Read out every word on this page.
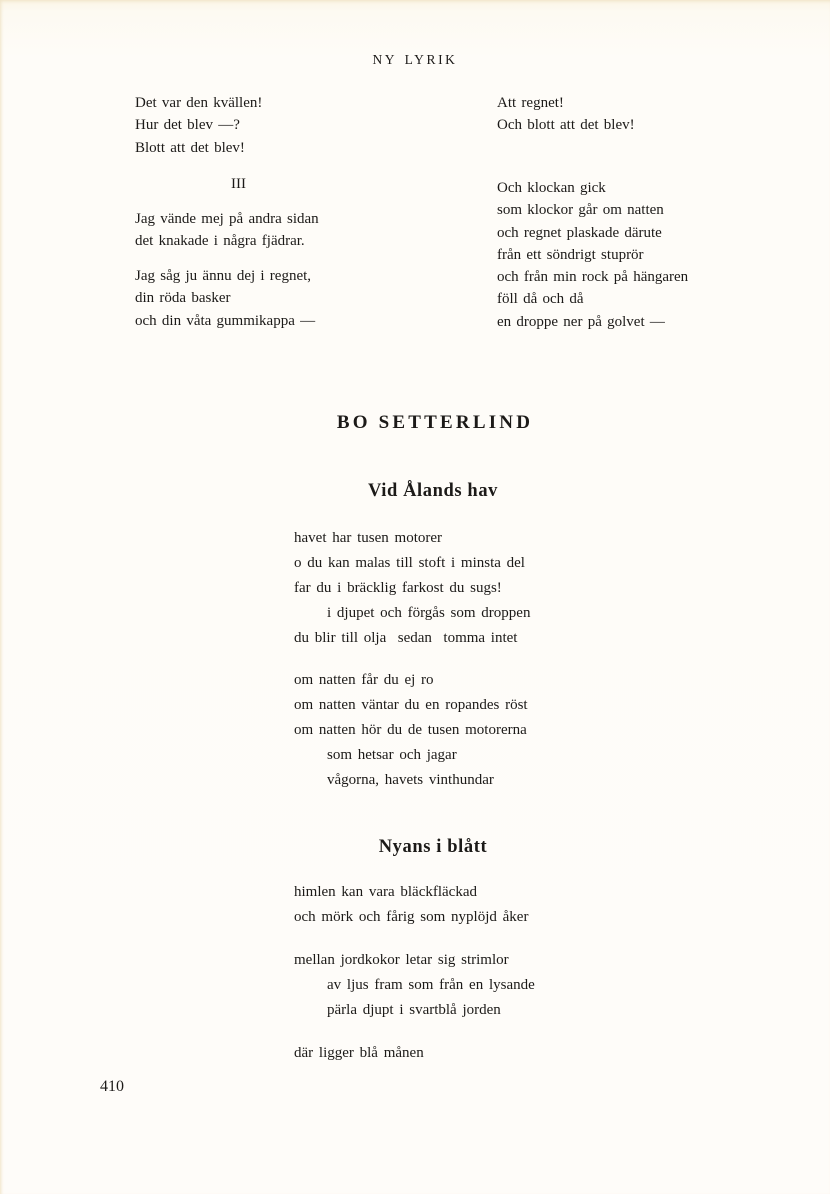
NY LYRIK
Det var den kvällen!
Hur det blev —?
Blott att det blev!
Att regnet!
Och blott att det blev!
III
Jag vände mej på andra sidan
det knakade i några fjädrar.
Jag såg ju ännu dej i regnet,
din röda basker
och din våta gummikappa —
Och klockan gick
som klockor går om natten
och regnet plaskade därute
från ett söndrigt stuprör
och från min rock på hängaren
föll då och då
en droppe ner på golvet —
BO SETTERLIND
Vid Ålands hav
havet har tusen motorer
o du kan malas till stoft i minsta del
far du i bräcklig farkost du sugs!
i djupet och förgås som droppen
du blir till olja  sedan  tomma intet
om natten får du ej ro
om natten väntar du en ropandes röst
om natten hör du de tusen motorerna
som hetsar och jagar
vågorna, havets vinthundar
Nyans i blått
himlen kan vara bläckfläckad
och mörk och fårig som nyplöjd åker
mellan jordkokor letar sig strimlor
av ljus fram som från en lysande
pärla djupt i svartblå jorden
där ligger blå månen
410
